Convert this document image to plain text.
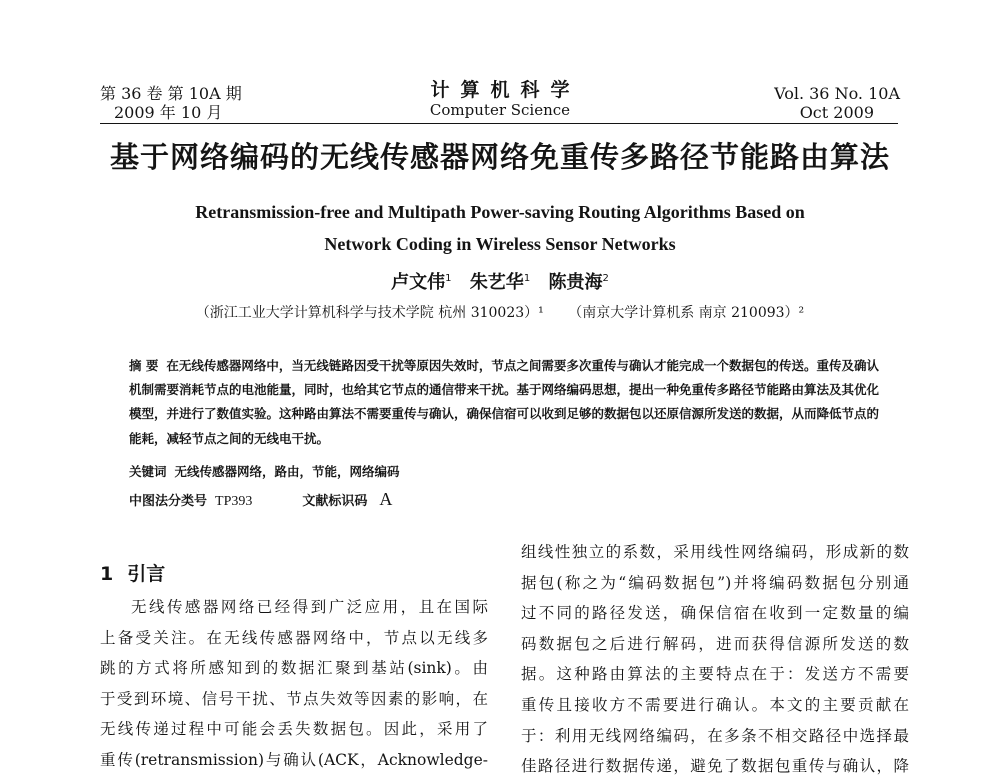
第 36 卷 第 10A 期
2009 年 10 月
计算机科学
Computer Science
Vol. 36 No. 10A
Oct 2009
基于网络编码的无线传感器网络免重传多路径节能路由算法
Retransmission-free and Multipath Power-saving Routing Algorithms Based on
Network Coding in Wireless Sensor Networks
卢文伟$^1$ 朱艺华$^1$ 陈贵海$^2$
（浙江工业大学计算机科学与技术学院 杭州 310023）¹ （南京大学计算机系 南京 210093）²
摘 要 在无线传感器网络中，当无线链路因受干扰等原因失效时，节点之间需要多次重传与确认才能完成一个数据包的传送。重传及确认机制需要消耗节点的电池能量，同时，也给其它节点的通信带来干扰。基于网络编码思想，提出一种免重传多路径节能路由算法及其优化模型，并进行了数值实验。这种路由算法不需要重传与确认，确保信宿可以收到足够的数据包以还原信源所发送的数据，从而降低节点的能耗，减轻节点之间的无线电干扰。
关键词 无线传感器网络，路由，节能，网络编码
中图法分类号 TP393	文献标识码 A
1 引言
无线传感器网络已经得到广泛应用，且在国际
上备受关注。在无线传感器网络中，节点以无线多
跳的方式将所感知到的数据汇聚到基站(sink)。由
于受到环境、信号干扰、节点失效等因素的影响，在
无线传递过程中可能会丢失数据包。因此，采用了
重传(retransmission)与确认(ACK，Acknowledge-
组线性独立的系数，采用线性网络编码，形成新的数
据包(称之为“编码数据包”)并将编码数据包分别通
过不同的路径发送，确保信宿在收到一定数量的编
码数据包之后进行解码，进而获得信源所发送的数
据。这种路由算法的主要特点在于：发送方不需要
重传且接收方不需要进行确认。本文的主要贡献在
于：利用无线网络编码，在多条不相交路径中选择最
佳路径进行数据传递，避免了数据包重传与确认，降
